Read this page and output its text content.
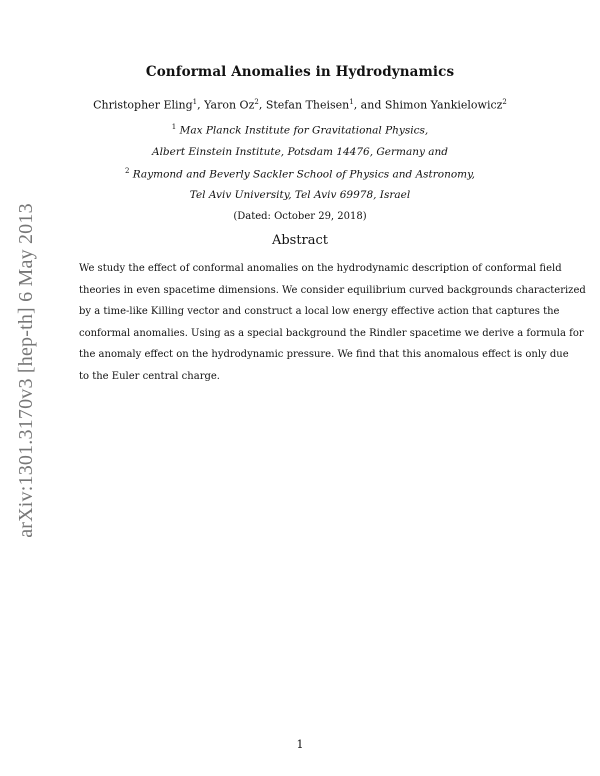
arXiv:1301.3170v3 [hep-th] 6 May 2013
Conformal Anomalies in Hydrodynamics
Christopher Eling$^1$, Yaron Oz$^2$, Stefan Theisen$^1$, and Shimon Yankielowicz$^2$
$^1$ Max Planck Institute for Gravitational Physics,
Albert Einstein Institute, Potsdam 14476, Germany and
$^2$ Raymond and Beverly Sackler School of Physics and Astronomy,
Tel Aviv University, Tel Aviv 69978, Israel
(Dated: October 29, 2018)
Abstract
We study the effect of conformal anomalies on the hydrodynamic description of conformal field
theories in even spacetime dimensions. We consider equilibrium curved backgrounds characterized
by a time-like Killing vector and construct a local low energy effective action that captures the
conformal anomalies. Using as a special background the Rindler spacetime we derive a formula for
the anomaly effect on the hydrodynamic pressure. We find that this anomalous effect is only due
to the Euler central charge.
1
